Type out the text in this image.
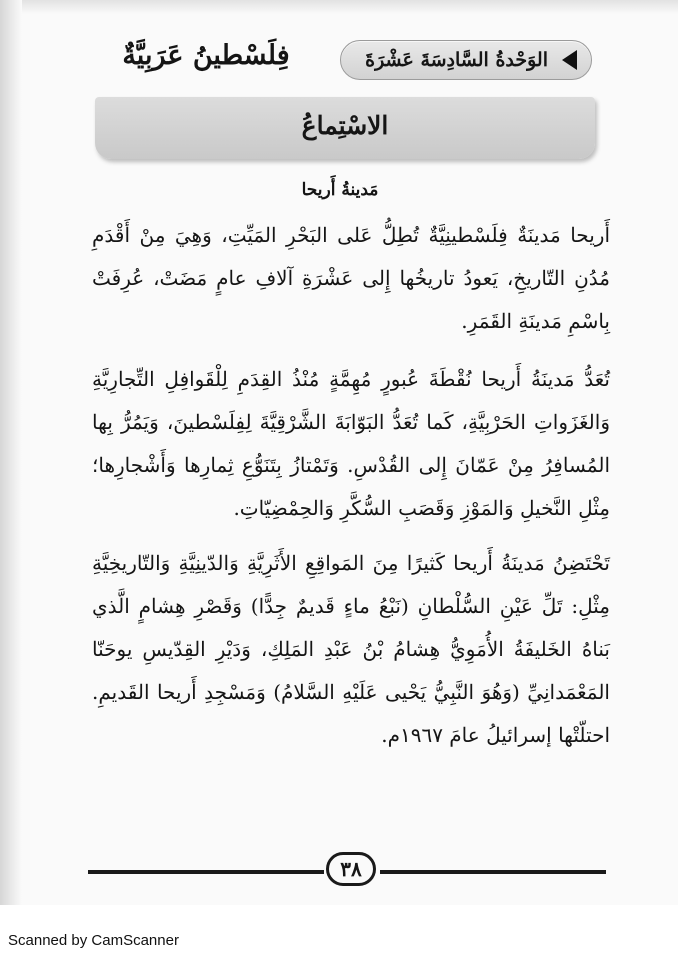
الوَحْدةُ السَّادِسَةَ عَشْرَةَ
فِلَسْطينُ عَرَبِيَّةٌ
الاسْتِماعُ
مَدينةُ أَريحا

أَريحا مَدينَةٌ فِلَسْطينِيَّةٌ تُطِلُّ عَلى البَحْرِ المَيِّتِ، وَهِيَ مِنْ أَقْدَمِ مُدُنِ التّاريخِ، يَعودُ تاريخُها إِلى عَشْرَةِ آلافِ عامٍ مَضَتْ، عُرِفَتْ بِاسْمِ مَدينَةِ القَمَرِ.

تُعَدُّ مَدينَةُ أَريحا نُقْطَةَ عُبورٍ مُهِمَّةٍ مُنْذُ القِدَمِ لِلْقَوافِلِ التِّجارِيَّةِ وَالغَزَواتِ الحَرْبِيَّةِ، كَما تُعَدُّ البَوّابَةَ الشَّرْقِيَّةَ لِفِلَسْطينَ، وَيَمُرُّ بِها المُسافِرُ مِنْ عَمّانَ إِلى القُدْسِ. وَتَمْتازُ بِتَنَوُّعِ ثِمارِها وَأَشْجارِها؛ مِثْلِ النَّخيلِ وَالمَوْزِ وَقَصَبِ السُّكَّرِ وَالحِمْضِيّاتِ.

تَحْتَضِنُ مَدينَةُ أَريحا كَثيرًا مِنَ المَواقِعِ الأَثَرِيَّةِ وَالدّينِيَّةِ وَالتّاريخِيَّةِ مِثْلِ: تَلِّ عَيْنِ السُّلْطانِ (نَبْعُ ماءٍ قَديمٌ جِدًّا) وَقَصْرِ هِشامٍ الَّذي بَناهُ الخَليفَةُ الأُمَوِيُّ هِشامُ بْنُ عَبْدِ المَلِكِ، وَدَيْرِ القِدّيسِ يوحَنّا المَعْمَدانِيِّ (وَهُوَ النَّبِيُّ يَحْيى عَلَيْهِ السَّلامُ) وَمَسْجِدِ أَريحا القَديمِ. احتلّتْها إسرائيلُ عامَ ١٩٦٧م.

٣٨
Scanned by CamScanner
